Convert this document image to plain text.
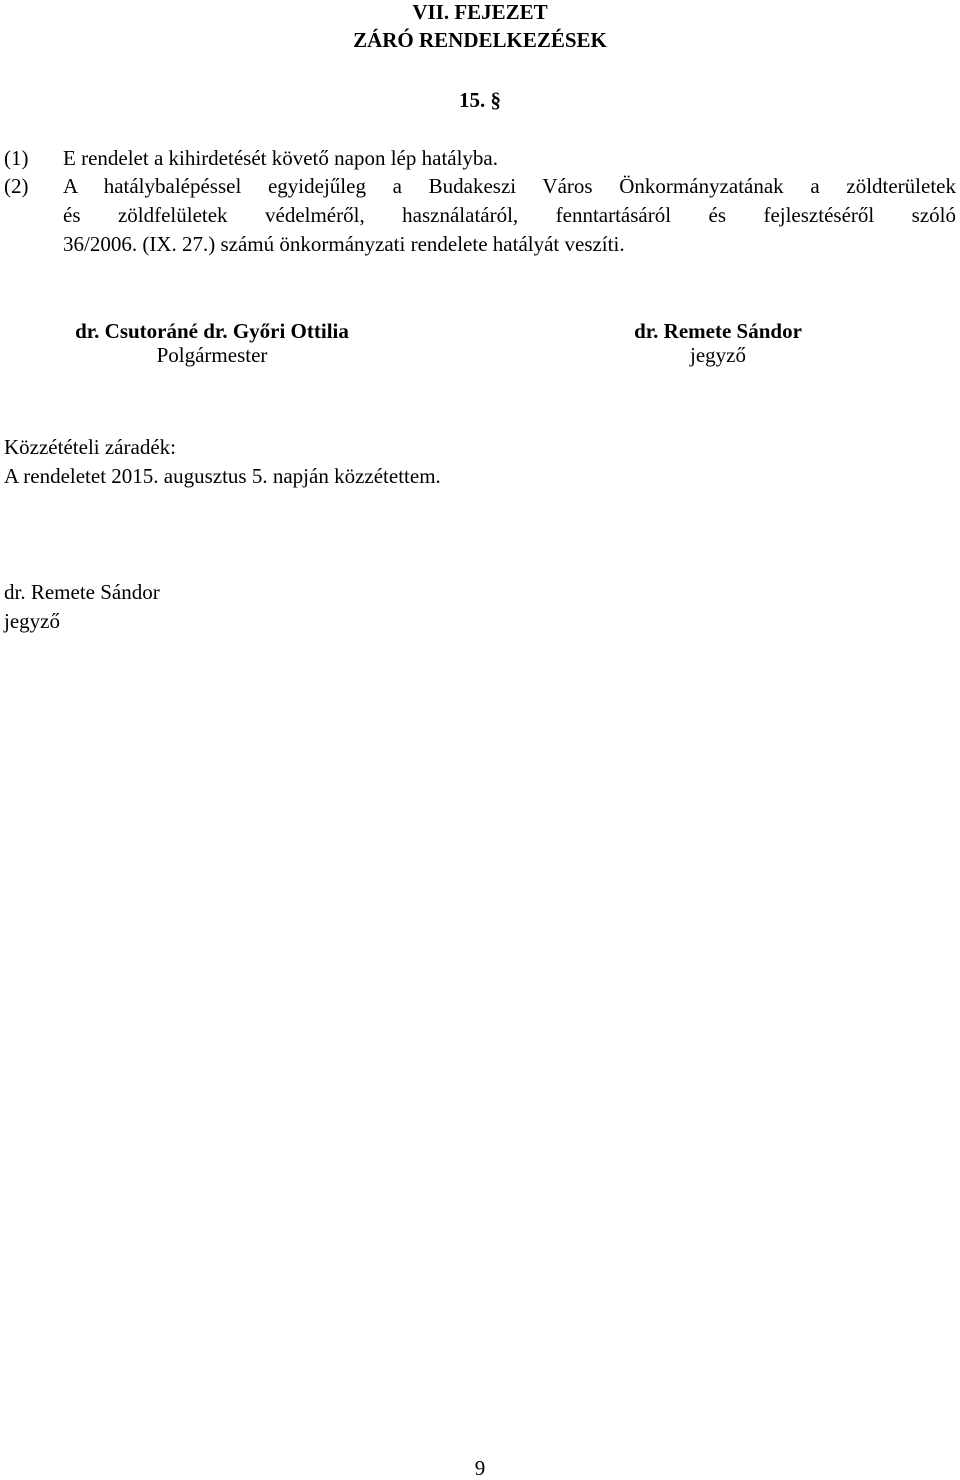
VII. FEJEZET
ZÁRÓ RENDELKEZÉSEK
15. §
(1) E rendelet a kihirdetését követő napon lép hatályba.
(2) A hatálybalépéssel egyidejűleg a Budakeszi Város Önkormányzatának a zöldterületek
és zöldfelületek védelméről, használatáról, fenntartásáról és fejlesztéséről szóló
36/2006. (IX. 27.) számú önkormányzati rendelete hatályát veszíti.
dr. Csutoráné dr. Győri Ottilia
Polgármester
dr. Remete Sándor
jegyző
Közzétételi záradék:
A rendeletet 2015. augusztus 5. napján közzétettem.
dr. Remete Sándor
jegyző
9
